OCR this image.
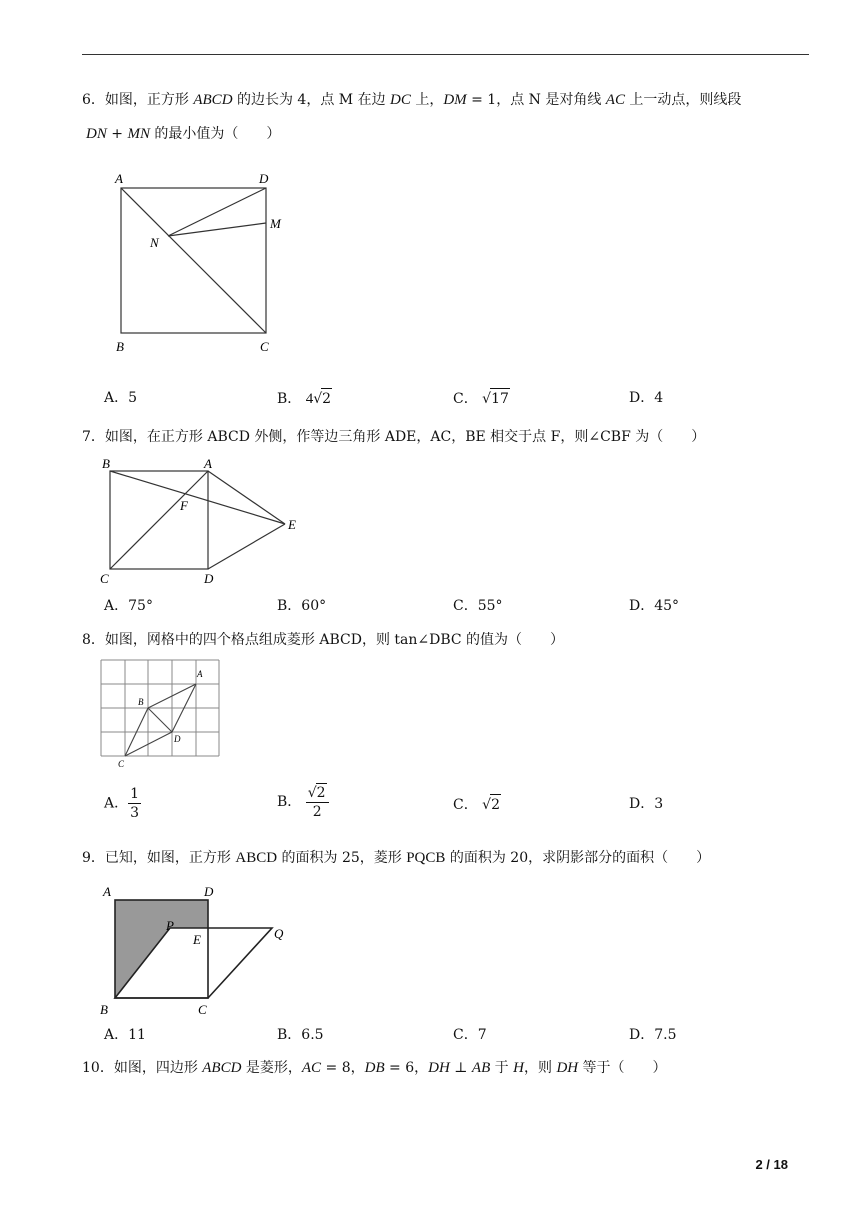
6．如图，正方形 ABCD 的边长为 4，点 M 在边 DC 上，DM = 1，点 N 是对角线 AC 上一动点，则线段
DN + MN 的最小值为（　　）
A	D
M
N
B	C
A．5	B． 4√2	C． √17	D．4
7．如图，在正方形 ABCD 外侧，作等边三角形 ADE，AC，BE 相交于点 F，则∠CBF 为（　　）
B	A
F
E
C	D
A．75°	B．60°	C．55°	D．45°
8．如图，网格中的四个格点组成菱形 ABCD，则 tan∠DBC 的值为（　　）
B
A
D
C
A． $\frac{1}{3}$	B． $\frac{√2}{2}$	C． √2	D．3
9．已知，如图，正方形 ABCD 的面积为 25，菱形 PQCB 的面积为 20，求阴影部分的面积（　　）
A	D
P
E	Q
B	C
A．11	B．6.5	C．7	D．7.5
10．如图，四边形 ABCD 是菱形，AC = 8，DB = 6，DH ⊥ AB 于 H，则 DH 等于（　　）
2 / 18
